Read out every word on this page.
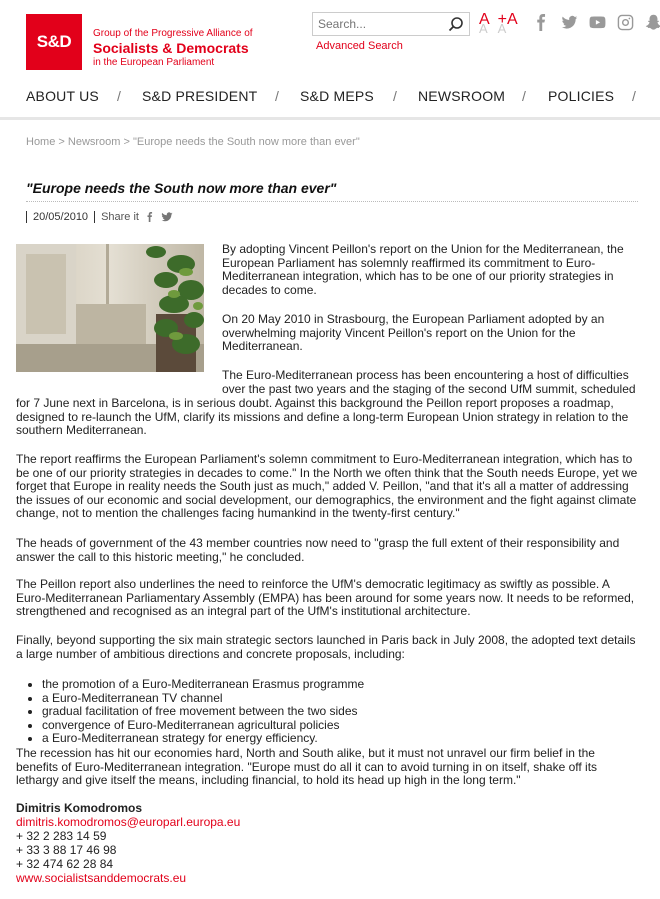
S&D	Group of the Progressive Alliance of
Socialists & Democrats
in the European Parliament
Search...
Advanced Search
A A +A A
ABOUT US / S&D PRESIDENT / S&D MEPS / NEWSROOM / POLICIES /
Home > Newsroom > "Europe needs the South now more than ever"
"Europe needs the South now more than ever"
20/05/2010 Share it

By adopting Vincent Peillon's report on the Union for the Mediterranean, the European Parliament has solemnly reaffirmed its commitment to Euro-Mediterranean integration, which has to be one of our priority strategies in decades to come.

On 20 May 2010 in Strasbourg, the European Parliament adopted by an overwhelming majority Vincent Peillon's report on the Union for the Mediterranean.

The Euro-Mediterranean process has been encountering a host of difficulties over the past two years and the staging of the second UfM summit, scheduled

for 7 June next in Barcelona, is in serious doubt. Against this background the Peillon report proposes a roadmap, designed to re-launch the UfM, clarify its missions and define a long-term European Union strategy in relation to the southern Mediterranean.

The report reaffirms the European Parliament's solemn commitment to Euro-Mediterranean integration, which has to be one of our priority strategies in decades to come." In the North we often think that the South needs Europe, yet we forget that Europe in reality needs the South just as much," added V. Peillon, "and that it's all a matter of addressing the issues of our economic and social development, our demographics, the environment and the fight against climate change, not to mention the challenges facing humankind in the twenty-first century."

The heads of government of the 43 member countries now need to "grasp the full extent of their responsibility and answer the call to this historic meeting," he concluded.

The Peillon report also underlines the need to reinforce the UfM's democratic legitimacy as swiftly as possible. A Euro-Mediterranean Parliamentary Assembly (EMPA) has been around for some years now. It needs to be reformed, strengthened and recognised as an integral part of the UfM's institutional architecture.

Finally, beyond supporting the six main strategic sectors launched in Paris back in July 2008, the adopted text details a large number of ambitious directions and concrete proposals, including:

the promotion of a Euro-Mediterranean Erasmus programme
a Euro-Mediterranean TV channel
gradual facilitation of free movement between the two sides
convergence of Euro-Mediterranean agricultural policies
a Euro-Mediterranean strategy for energy efficiency.

The recession has hit our economies hard, North and South alike, but it must not unravel our firm belief in the benefits of Euro-Mediterranean integration. "Europe must do all it can to avoid turning in on itself, shake off its lethargy and give itself the means, including financial, to hold its head up high in the long term."

Dimitris Komodromos
dimitris.komodromos@europarl.europa.eu
+ 32 2 283 14 59
+ 33 3 88 17 46 98
+ 32 474 62 28 84
www.socialistsanddemocrats.eu
